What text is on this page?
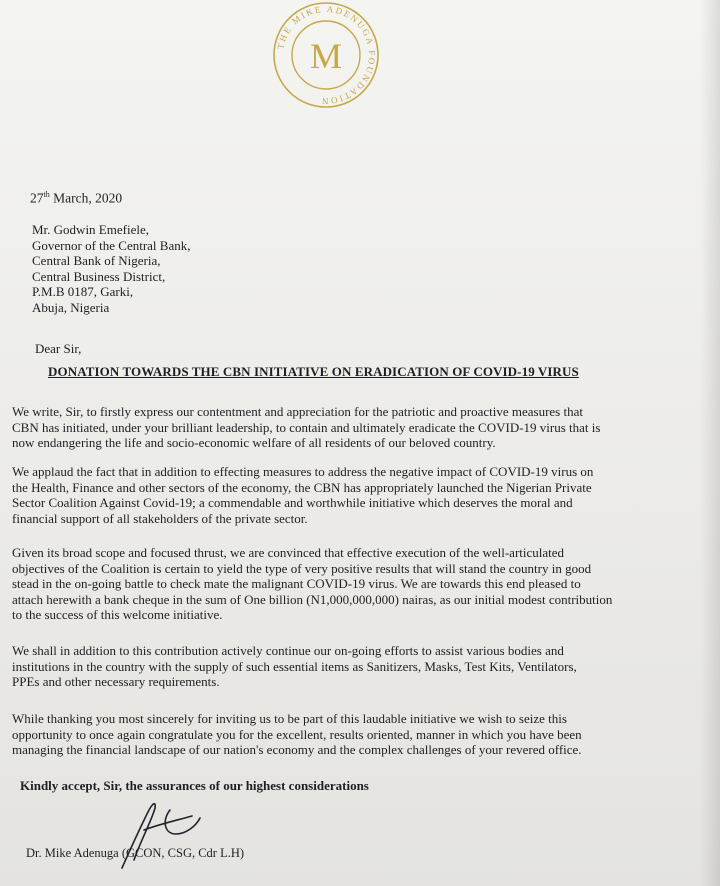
THE MIKE ADENUGA FOUNDATION
M
27th March, 2020
Mr. Godwin Emefiele,
Governor of the Central Bank,
Central Bank of Nigeria,
Central Business District,
P.M.B 0187, Garki,
Abuja, Nigeria
Dear Sir,
DONATION TOWARDS THE CBN INITIATIVE ON ERADICATION OF COVID-19 VIRUS
We write, Sir, to firstly express our contentment and appreciation for the patriotic and proactive measures that
CBN has initiated, under your brilliant leadership, to contain and ultimately eradicate the COVID-19 virus that is
now endangering the life and socio-economic welfare of all residents of our beloved country.
We applaud the fact that in addition to effecting measures to address the negative impact of COVID-19 virus on
the Health, Finance and other sectors of the economy, the CBN has appropriately launched the Nigerian Private
Sector Coalition Against Covid-19; a commendable and worthwhile initiative which deserves the moral and
financial support of all stakeholders of the private sector.
Given its broad scope and focused thrust, we are convinced that effective execution of the well-articulated
objectives of the Coalition is certain to yield the type of very positive results that will stand the country in good
stead in the on-going battle to check mate the malignant COVID-19 virus. We are towards this end pleased to
attach herewith a bank cheque in the sum of One billion (N1,000,000,000) nairas, as our initial modest contribution
to the success of this welcome initiative.
We shall in addition to this contribution actively continue our on-going efforts to assist various bodies and
institutions in the country with the supply of such essential items as Sanitizers, Masks, Test Kits, Ventilators,
PPEs and other necessary requirements.
While thanking you most sincerely for inviting us to be part of this laudable initiative we wish to seize this
opportunity to once again congratulate you for the excellent, results oriented, manner in which you have been
managing the financial landscape of our nation's economy and the complex challenges of your revered office.
Kindly accept, Sir, the assurances of our highest considerations
Dr. Mike Adenuga (GCON, CSG, Cdr L.H)
